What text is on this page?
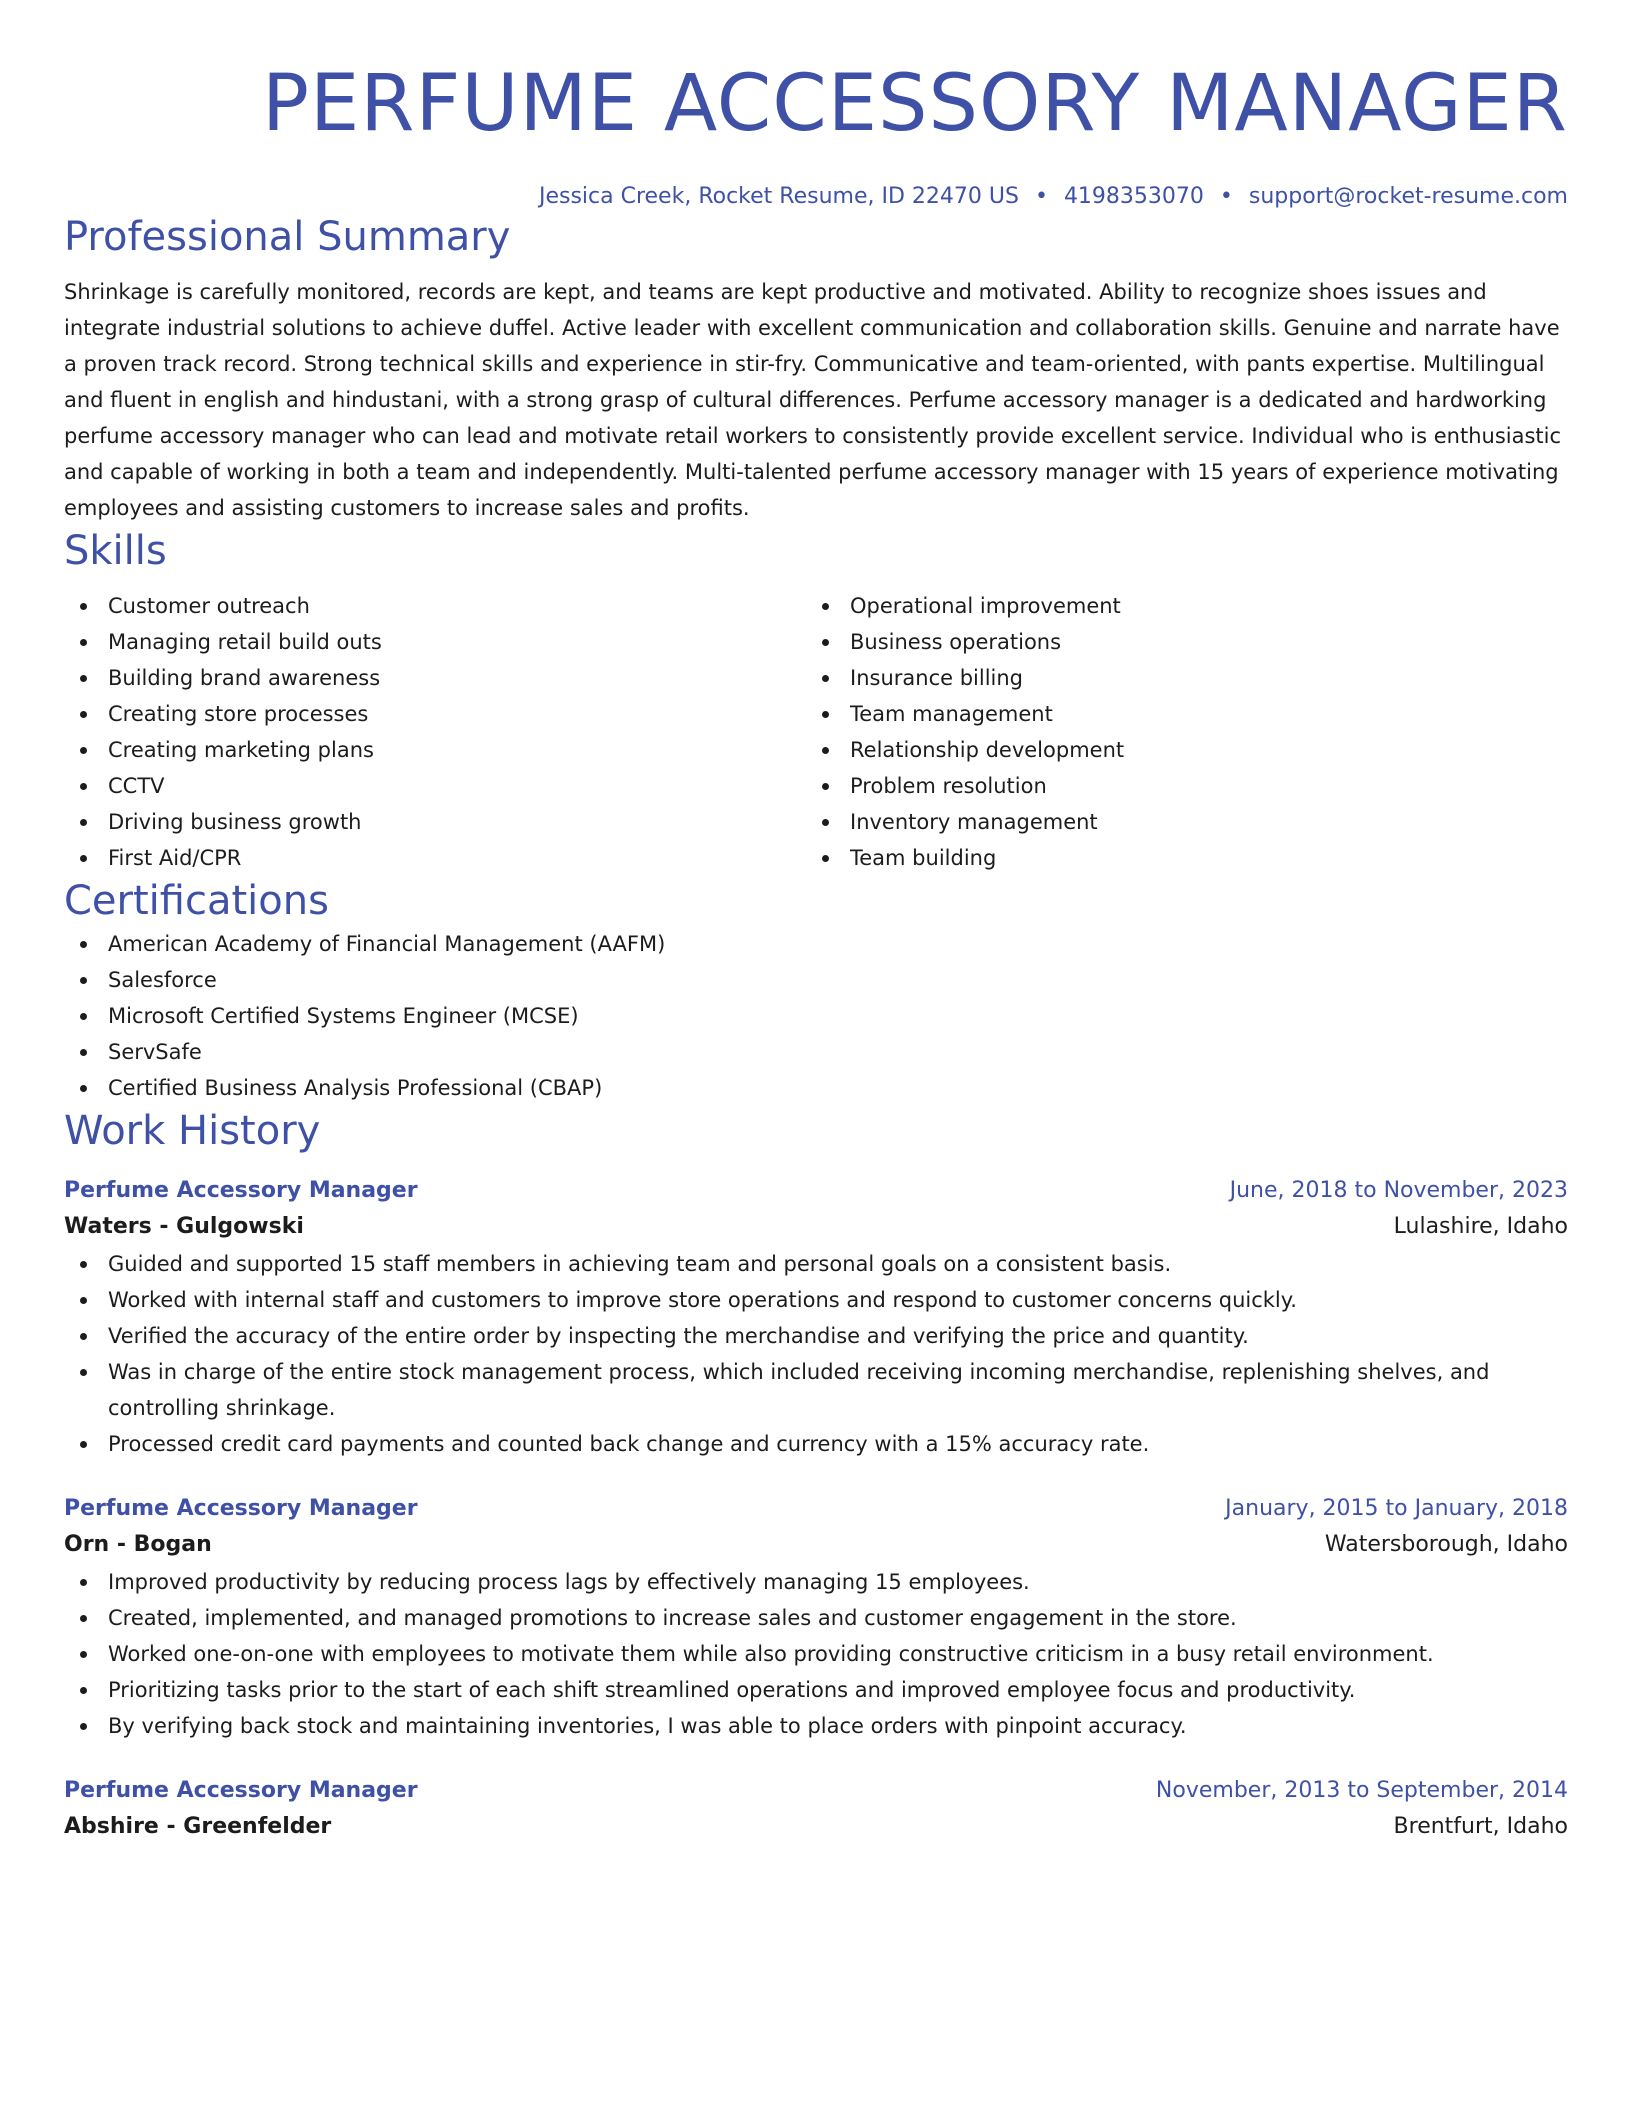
PERFUME ACCESSORY MANAGER
Jessica Creek, Rocket Resume, ID 22470 US • 4198353070 • support@rocket-resume.com
Professional Summary

Shrinkage is carefully monitored, records are kept, and teams are kept productive and motivated. Ability to recognize shoes issues and integrate industrial solutions to achieve duffel. Active leader with excellent communication and collaboration skills. Genuine and narrate have a proven track record. Strong technical skills and experience in stir-fry. Communicative and team-oriented, with pants expertise. Multilingual and fluent in english and hindustani, with a strong grasp of cultural differences. Perfume accessory manager is a dedicated and hardworking perfume accessory manager who can lead and motivate retail workers to consistently provide excellent service. Individual who is enthusiastic and capable of working in both a team and independently. Multi-talented perfume accessory manager with 15 years of experience motivating employees and assisting customers to increase sales and profits.

Skills
Customer outreach
Managing retail build outs
Building brand awareness
Creating store processes
Creating marketing plans
CCTV
Driving business growth
First Aid/CPR
Operational improvement
Business operations
Insurance billing
Team management
Relationship development
Problem resolution
Inventory management
Team building
Certifications
American Academy of Financial Management (AAFM)
Salesforce
Microsoft Certified Systems Engineer (MCSE)
ServSafe
Certified Business Analysis Professional (CBAP)
Work History
Perfume Accessory Manager	June, 2018 to November, 2023
Waters - Gulgowski	Lulashire, Idaho
Guided and supported 15 staff members in achieving team and personal goals on a consistent basis.
Worked with internal staff and customers to improve store operations and respond to customer concerns quickly.
Verified the accuracy of the entire order by inspecting the merchandise and verifying the price and quantity.
Was in charge of the entire stock management process, which included receiving incoming merchandise, replenishing shelves, and controlling shrinkage.
Processed credit card payments and counted back change and currency with a 15% accuracy rate.
Perfume Accessory Manager	January, 2015 to January, 2018
Orn - Bogan	Watersborough, Idaho
Improved productivity by reducing process lags by effectively managing 15 employees.
Created, implemented, and managed promotions to increase sales and customer engagement in the store.
Worked one-on-one with employees to motivate them while also providing constructive criticism in a busy retail environment.
Prioritizing tasks prior to the start of each shift streamlined operations and improved employee focus and productivity.
By verifying back stock and maintaining inventories, I was able to place orders with pinpoint accuracy.
Perfume Accessory Manager	November, 2013 to September, 2014
Abshire - Greenfelder	Brentfurt, Idaho
